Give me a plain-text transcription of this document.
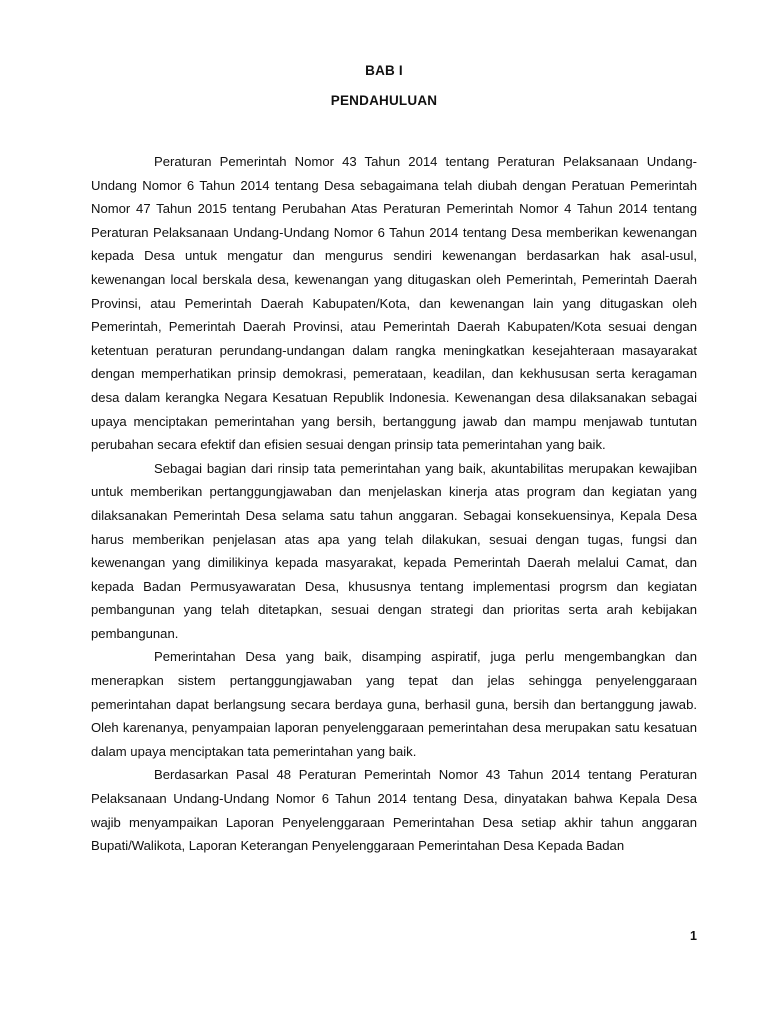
BAB I
PENDAHULUAN

Peraturan Pemerintah Nomor 43 Tahun 2014 tentang Peraturan Pelaksanaan Undang-Undang Nomor 6 Tahun 2014 tentang Desa sebagaimana telah diubah dengan Peratuan Pemerintah Nomor 47 Tahun 2015 tentang Perubahan Atas Peraturan Pemerintah Nomor 4 Tahun 2014 tentang Peraturan Pelaksanaan Undang-Undang Nomor 6 Tahun 2014 tentang Desa memberikan kewenangan kepada Desa untuk mengatur dan mengurus sendiri kewenangan berdasarkan hak asal-usul, kewenangan local berskala desa, kewenangan yang ditugaskan oleh Pemerintah, Pemerintah Daerah Provinsi, atau Pemerintah Daerah Kabupaten/Kota, dan kewenangan lain yang ditugaskan oleh Pemerintah, Pemerintah Daerah Provinsi, atau Pemerintah Daerah Kabupaten/Kota sesuai dengan ketentuan peraturan perundang-undangan dalam rangka meningkatkan kesejahteraan masayarakat dengan memperhatikan prinsip demokrasi, pemerataan, keadilan, dan kekhususan serta keragaman desa dalam kerangka Negara Kesatuan Republik Indonesia. Kewenangan desa dilaksanakan sebagai upaya menciptakan pemerintahan yang bersih, bertanggung jawab dan mampu menjawab tuntutan perubahan secara efektif dan efisien sesuai dengan prinsip tata pemerintahan yang baik.

Sebagai bagian dari rinsip tata pemerintahan yang baik, akuntabilitas merupakan kewajiban untuk memberikan pertanggungjawaban dan menjelaskan kinerja atas program dan kegiatan yang dilaksanakan Pemerintah Desa selama satu tahun anggaran. Sebagai konsekuensinya, Kepala Desa harus memberikan penjelasan atas apa yang telah dilakukan, sesuai dengan tugas, fungsi dan kewenangan yang dimilikinya kepada masyarakat, kepada Pemerintah Daerah melalui Camat, dan kepada Badan Permusyawaratan Desa, khususnya tentang implementasi progrsm dan kegiatan pembangunan yang telah ditetapkan, sesuai dengan strategi dan prioritas serta arah kebijakan pembangunan.

Pemerintahan Desa yang baik, disamping aspiratif, juga perlu mengembangkan dan menerapkan sistem pertanggungjawaban yang tepat dan jelas sehingga penyelenggaraan pemerintahan dapat berlangsung secara berdaya guna, berhasil guna, bersih dan bertanggung jawab. Oleh karenanya, penyampaian laporan penyelenggaraan pemerintahan desa merupakan satu kesatuan dalam upaya menciptakan tata pemerintahan yang baik.

Berdasarkan Pasal 48 Peraturan Pemerintah Nomor 43 Tahun 2014 tentang Peraturan Pelaksanaan Undang-Undang Nomor 6 Tahun 2014 tentang Desa, dinyatakan bahwa Kepala Desa wajib menyampaikan Laporan Penyelenggaraan Pemerintahan Desa setiap akhir tahun anggaran Bupati/Walikota, Laporan Keterangan Penyelenggaraan Pemerintahan Desa Kepada Badan

1
